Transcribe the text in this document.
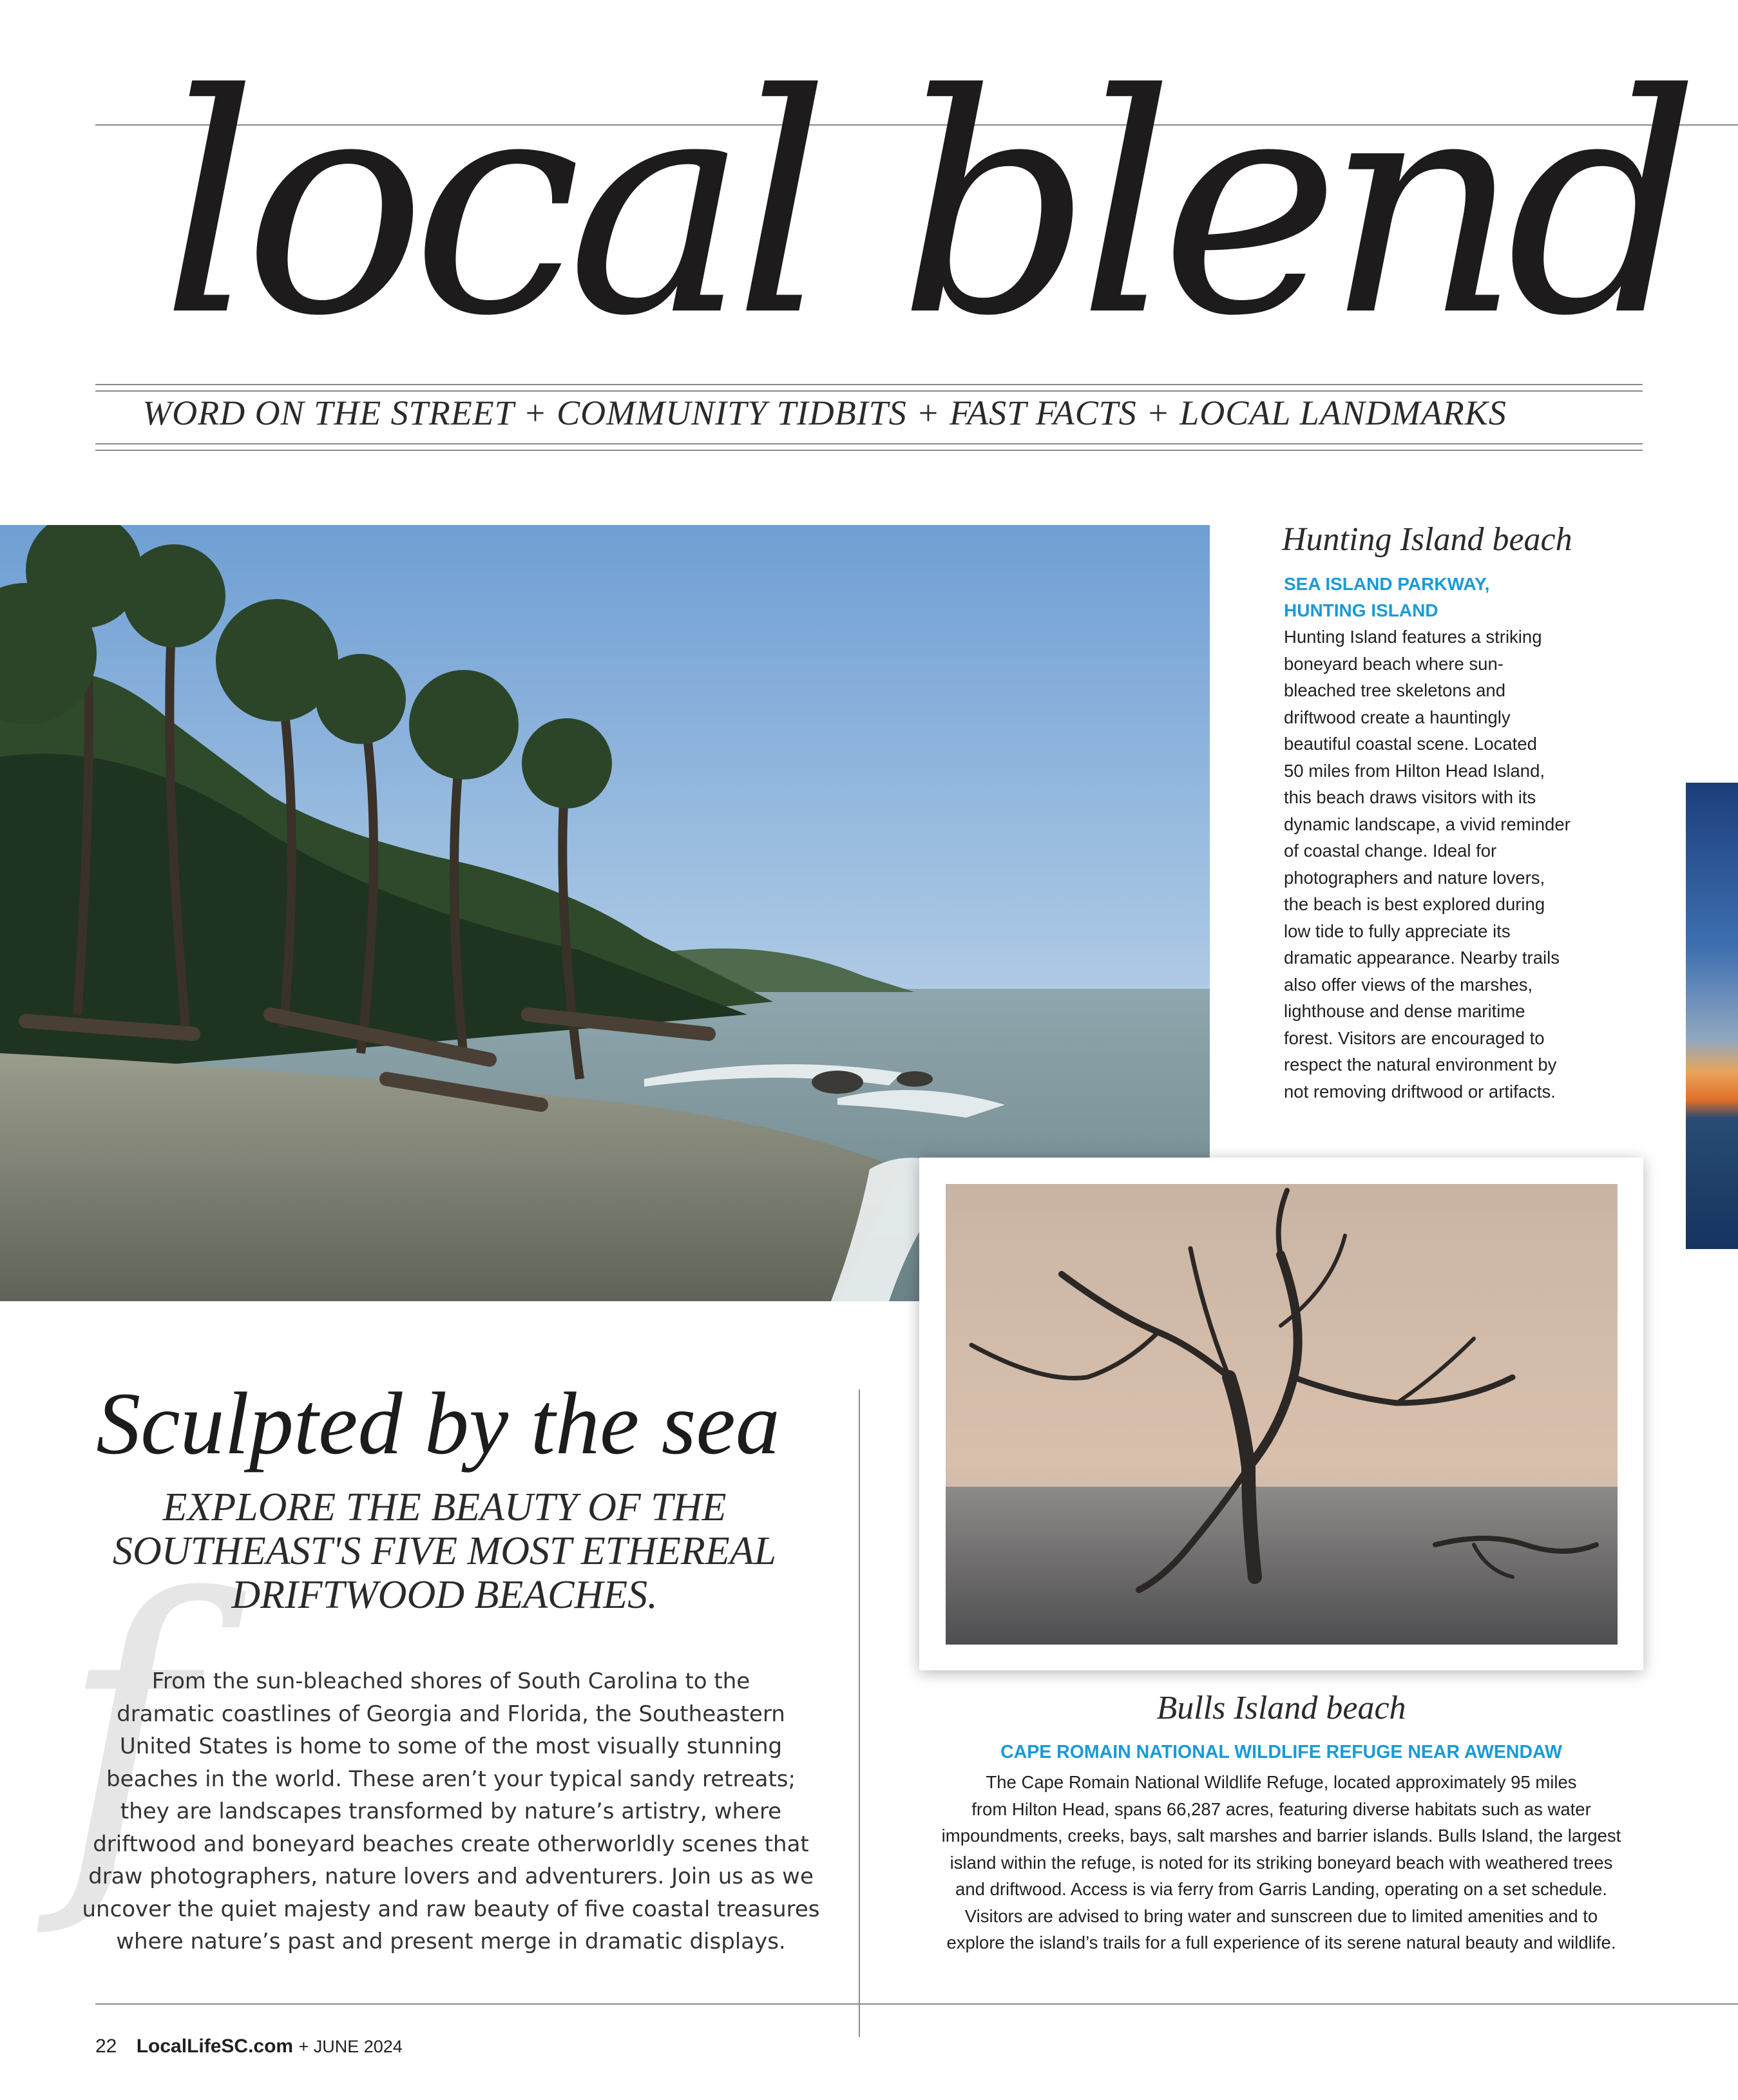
local blend
WORD ON THE STREET + COMMUNITY TIDBITS + FAST FACTS + LOCAL LANDMARKS
Hunting Island beach
SEA ISLAND PARKWAY,
HUNTING ISLAND
Hunting Island features a striking
boneyard beach where sun-
bleached tree skeletons and
driftwood create a hauntingly
beautiful coastal scene. Located
50 miles from Hilton Head Island,
this beach draws visitors with its
dynamic landscape, a vivid reminder
of coastal change. Ideal for
photographers and nature lovers,
the beach is best explored during
low tide to fully appreciate its
dramatic appearance. Nearby trails
also offer views of the marshes,
lighthouse and dense maritime
forest. Visitors are encouraged to
respect the natural environment by
not removing driftwood or artifacts.
Sculpted by the sea
f
EXPLORE THE BEAUTY OF THE
SOUTHEAST'S FIVE MOST ETHEREAL
DRIFTWOOD BEACHES.
From the sun-bleached shores of South Carolina to the
dramatic coastlines of Georgia and Florida, the Southeastern
United States is home to some of the most visually stunning
beaches in the world. These aren’t your typical sandy retreats;
they are landscapes transformed by nature’s artistry, where
driftwood and boneyard beaches create otherworldly scenes that
draw photographers, nature lovers and adventurers. Join us as we
uncover the quiet majesty and raw beauty of five coastal treasures
where nature’s past and present merge in dramatic displays.
Bulls Island beach
CAPE ROMAIN NATIONAL WILDLIFE REFUGE NEAR AWENDAW
The Cape Romain National Wildlife Refuge, located approximately 95 miles
from Hilton Head, spans 66,287 acres, featuring diverse habitats such as water
impoundments, creeks, bays, salt marshes and barrier islands. Bulls Island, the largest
island within the refuge, is noted for its striking boneyard beach with weathered trees
and driftwood. Access is via ferry from Garris Landing, operating on a set schedule.
Visitors are advised to bring water and sunscreen due to limited amenities and to
explore the island’s trails for a full experience of its serene natural beauty and wildlife.
22 LocalLifeSC.com + JUNE 2024
